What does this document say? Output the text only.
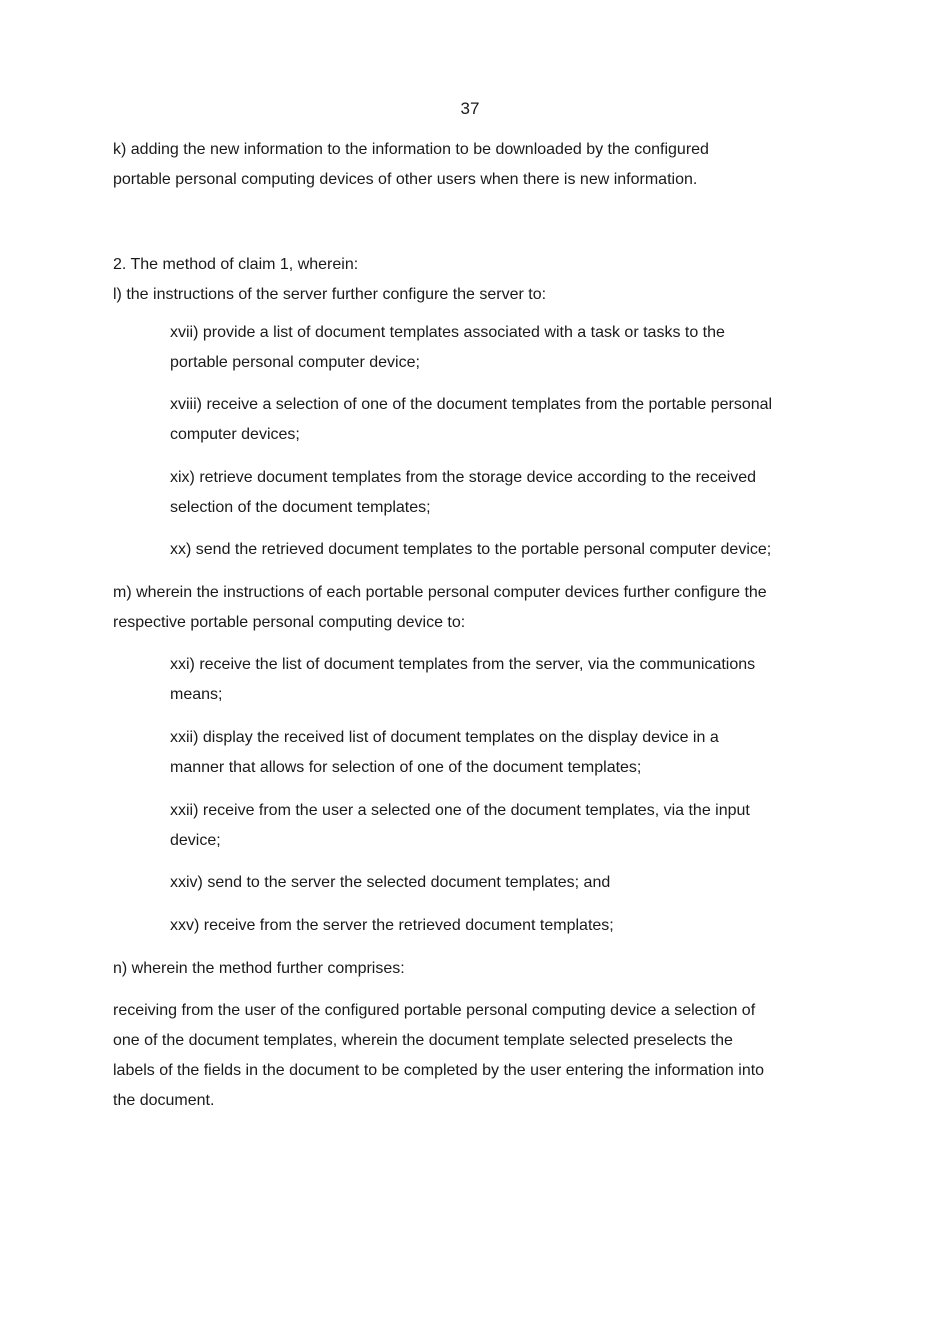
37
k) adding the new information to the information to be downloaded by the configured
portable personal computing devices of other users when there is new information.
2. The method of claim 1, wherein:
l) the instructions of the server further configure the server to:
xvii) provide a list of document templates associated with a task or tasks to the
portable personal computer device;
xviii) receive a selection of one of the document templates from the portable personal
computer devices;
xix) retrieve document templates from the storage device according to the received
selection of the document templates;
xx) send the retrieved document templates to the portable personal computer device;
m) wherein the instructions of each portable personal computer devices further configure the
respective portable personal computing device to:
xxi) receive the list of document templates from the server, via the communications
means;
xxii) display the received list of document templates on the display device in a
manner that allows for selection of one of the document templates;
xxii) receive from the user a selected one of the document templates, via the input
device;
xxiv) send to the server the selected document templates; and
xxv) receive from the server the retrieved document templates;
n) wherein the method further comprises:
receiving from the user of the configured portable personal computing device a selection of
one of the document templates, wherein the document template selected preselects the
labels of the fields in the document to be completed by the user entering the information into
the document.
